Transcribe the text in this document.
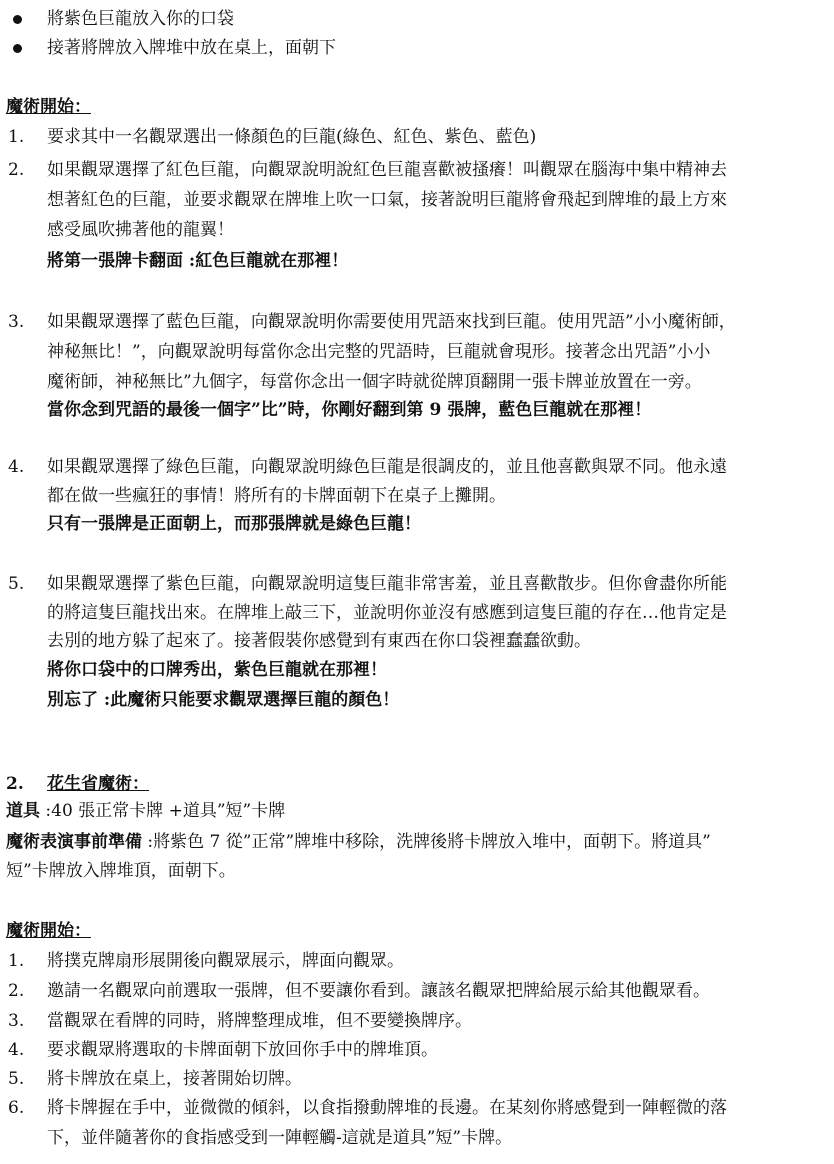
將紫色巨龍放入你的口袋
接著將牌放入牌堆中放在桌上，面朝下
魔術開始：
1. 要求其中一名觀眾選出一條顏色的巨龍(綠色、紅色、紫色、藍色)
2. 如果觀眾選擇了紅色巨龍，向觀眾說明說紅色巨龍喜歡被搔癢！叫觀眾在腦海中集中精神去
想著紅色的巨龍，並要求觀眾在牌堆上吹一口氣，接著說明巨龍將會飛起到牌堆的最上方來
感受風吹拂著他的龍翼！
將第一張牌卡翻面 :紅色巨龍就在那裡！
3. 如果觀眾選擇了藍色巨龍，向觀眾說明你需要使用咒語來找到巨龍。使用咒語”小小魔術師，
神秘無比！”，向觀眾說明每當你念出完整的咒語時，巨龍就會現形。接著念出咒語”小小
魔術師，神秘無比”九個字，每當你念出一個字時就從牌頂翻開一張卡牌並放置在一旁。
當你念到咒語的最後一個字”比”時，你剛好翻到第 9 張牌，藍色巨龍就在那裡！
4. 如果觀眾選擇了綠色巨龍，向觀眾說明綠色巨龍是很調皮的，並且他喜歡與眾不同。他永遠
都在做一些瘋狂的事情！將所有的卡牌面朝下在桌子上攤開。
只有一張牌是正面朝上，而那張牌就是綠色巨龍！
5. 如果觀眾選擇了紫色巨龍，向觀眾說明這隻巨龍非常害羞，並且喜歡散步。但你會盡你所能
的將這隻巨龍找出來。在牌堆上敲三下，並說明你並沒有感應到這隻巨龍的存在…他肯定是
去別的地方躲了起來了。接著假裝你感覺到有東西在你口袋裡蠢蠢欲動。
將你口袋中的口牌秀出，紫色巨龍就在那裡！
別忘了 :此魔術只能要求觀眾選擇巨龍的顏色！
2. 花生省魔術：
道具 :40 張正常卡牌 +道具”短”卡牌
魔術表演事前準備 :將紫色 7 從”正常”牌堆中移除，洗牌後將卡牌放入堆中，面朝下。將道具”
短”卡牌放入牌堆頂，面朝下。
魔術開始：
1. 將撲克牌扇形展開後向觀眾展示，牌面向觀眾。
2. 邀請一名觀眾向前選取一張牌，但不要讓你看到。讓該名觀眾把牌給展示給其他觀眾看。
3. 當觀眾在看牌的同時，將牌整理成堆，但不要變換牌序。
4. 要求觀眾將選取的卡牌面朝下放回你手中的牌堆頂。
5. 將卡牌放在桌上，接著開始切牌。
6. 將卡牌握在手中，並微微的傾斜，以食指撥動牌堆的長邊。在某刻你將感覺到一陣輕微的落
下，並伴隨著你的食指感受到一陣輕觸-這就是道具”短”卡牌。
